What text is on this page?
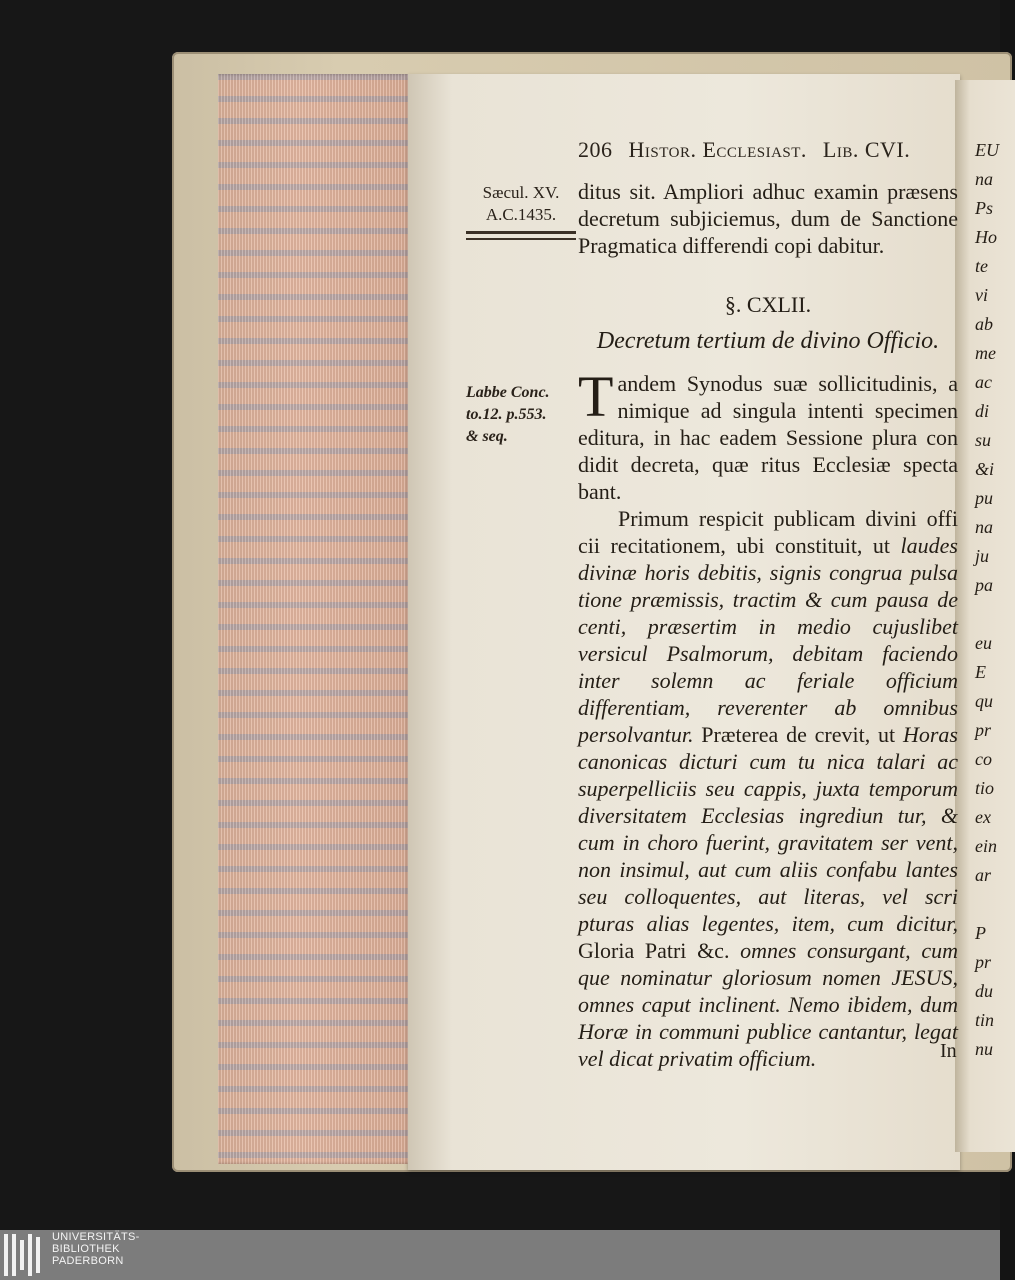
206 Histor. Ecclesiast. Lib. CVI.
Sæcul. XV.
A.C.1435.
ditus sit. Ampliori adhuc examin præsens decretum subjiciemus, dum de Sanctione Pragmatica differendi copi dabitur.
§. CXLII.
Decretum tertium de divino Officio.
Labbe Conc.
to.12. p.553.
& seq.
T andem Synodus suæ sollicitudinis, a nimique ad singula intenti specimen editura, in hac eadem Sessione plura con didit decreta, quæ ritus Ecclesiæ specta bant.
Primum respicit publicam divini offi cii recitationem, ubi constituit, ut laudes divinæ horis debitis, signis congrua pulsa tione præmissis, tractim & cum pausa de centi, præsertim in medio cujuslibet versicul Psalmorum, debitam faciendo inter solemn ac feriale officium differentiam, reverenter ab omnibus persolvantur. Præterea de crevit, ut Horas canonicas dicturi cum tu nica talari ac superpelliciis seu cappis, juxta temporum diversitatem Ecclesias ingrediun tur, & cum in choro fuerint, gravitatem ser vent, non insimul, aut cum aliis confabu lantes seu colloquentes, aut literas, vel scri pturas alias legentes, item, cum dicitur, Gloria Patri &c. omnes consurgant, cum que nominatur gloriosum nomen JESUS, omnes caput inclinent. Nemo ibidem, dum Horæ in communi publice cantantur, legat vel dicat privatim officium.	In
EU
na
Ps
Ho
te
vi
ab
me
ac
di
su
&i
pu
na
ju
pa
eu
E
qu
pr
co
tio
ex
ein
ar
P
pr
du
tin
nu
UNIVERSITÄTS-
BIBLIOTHEK
PADERBORN
